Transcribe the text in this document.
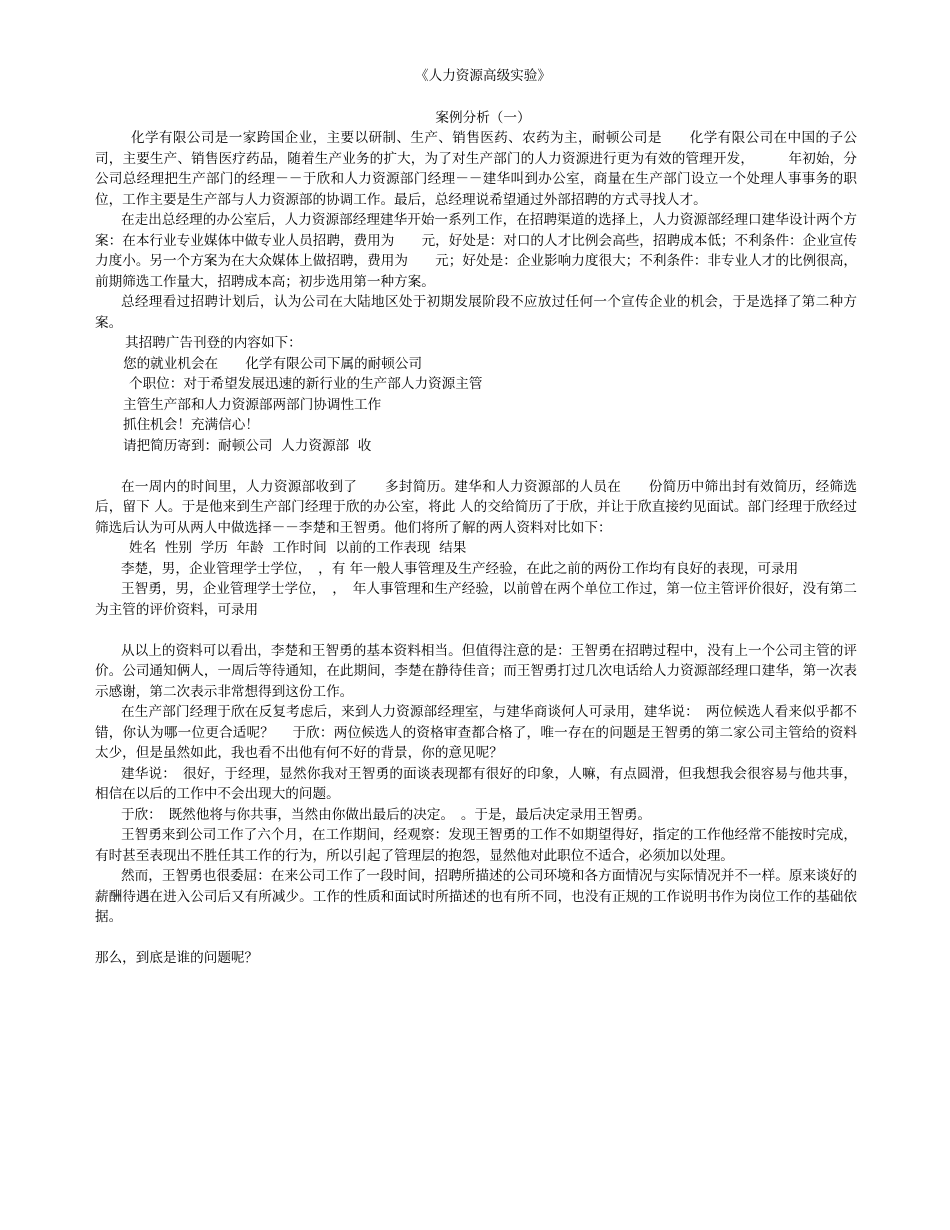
《人力资源高级实验》
案例分析（一）

化学有限公司是一家跨国企业，主要以研制、生产、销售医药、农药为主，耐顿公司是　　化学有限公司在中国的子公司，主要生产、销售医疗药品，随着生产业务的扩大，为了对生产部门的人力资源进行更为有效的管理开发，　　　年初始，分公司总经理把生产部门的经理－－于欣和人力资源部门经理－－建华叫到办公室，商量在生产部门设立一个处理人事事务的职位，工作主要是生产部与人力资源部的协调工作。最后，总经理说希望通过外部招聘的方式寻找人才。

在走出总经理的办公室后，人力资源部经理建华开始一系列工作，在招聘渠道的选择上，人力资源部经理口建华设计两个方案：在本行业专业媒体中做专业人员招聘，费用为　　元，好处是：对口的人才比例会高些，招聘成本低；不利条件：企业宣传力度小。另一个方案为在大众媒体上做招聘，费用为　　元；好处是：企业影响力度很大；不利条件：非专业人才的比例很高，前期筛选工作量大，招聘成本高；初步选用第一种方案。

总经理看过招聘计划后，认为公司在大陆地区处于初期发展阶段不应放过任何一个宣传企业的机会，于是选择了第二种方案。

其招聘广告刊登的内容如下：

您的就业机会在　　化学有限公司下属的耐顿公司

个职位：对于希望发展迅速的新行业的生产部人力资源主管

主管生产部和人力资源部两部门协调性工作

抓住机会！充满信心！

请把简历寄到：耐顿公司  人力资源部  收

在一周内的时间里，人力资源部收到了　　多封简历。建华和人力资源部的人员在　　份简历中筛出封有效简历，经筛选后，留下 人。于是他来到生产部门经理于欣的办公室，将此 人的交给简历了于欣，并让于欣直接约见面试。部门经理于欣经过筛选后认为可从两人中做选择－－李楚和王智勇。他们将所了解的两人资料对比如下：

姓名  性别  学历  年龄  工作时间  以前的工作表现  结果

李楚，男，企业管理学士学位，　，有 年一般人事管理及生产经验，在此之前的两份工作均有良好的表现，可录用

王智勇，男，企业管理学士学位，　，　年人事管理和生产经验，以前曾在两个单位工作过，第一位主管评价很好，没有第二为主管的评价资料，可录用

从以上的资料可以看出，李楚和王智勇的基本资料相当。但值得注意的是：王智勇在招聘过程中，没有上一个公司主管的评价。公司通知俩人，一周后等待通知，在此期间，李楚在静待佳音；而王智勇打过几次电话给人力资源部经理口建华，第一次表示感谢，第二次表示非常想得到这份工作。

在生产部门经理于欣在反复考虑后，来到人力资源部经理室，与建华商谈何人可录用，建华说：　两位候选人看来似乎都不错，你认为哪一位更合适呢？　 于欣：两位候选人的资格审查都合格了，唯一存在的问题是王智勇的第二家公司主管给的资料太少，但是虽然如此，我也看不出他有何不好的背景，你的意见呢？

建华说：　很好，于经理，显然你我对王智勇的面谈表现都有很好的印象，人嘛，有点圆滑，但我想我会很容易与他共事，相信在以后的工作中不会出现大的问题。

于欣：　既然他将与你共事，当然由你做出最后的决定。　。于是，最后决定录用王智勇。

王智勇来到公司工作了六个月，在工作期间，经观察：发现王智勇的工作不如期望得好，指定的工作他经常不能按时完成，有时甚至表现出不胜任其工作的行为，所以引起了管理层的抱怨，显然他对此职位不适合，必须加以处理。

然而，王智勇也很委屈：在来公司工作了一段时间，招聘所描述的公司环境和各方面情况与实际情况并不一样。原来谈好的薪酬待遇在进入公司后又有所减少。工作的性质和面试时所描述的也有所不同，也没有正规的工作说明书作为岗位工作的基础依据。

那么，到底是谁的问题呢？
